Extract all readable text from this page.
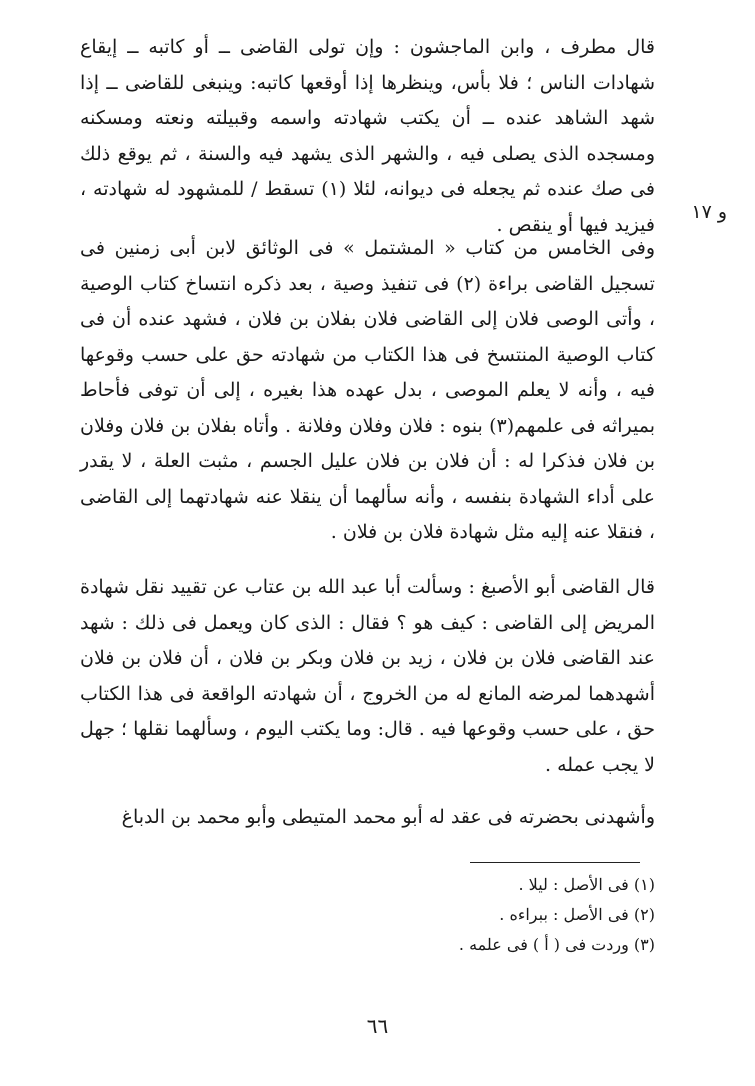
قال مطرف ، وابن الماجشون : وإن تولى القاضى ــ أو كاتبه ــ إيقاع شهادات الناس ؛ فلا بأس، وينظرها إذا أوقعها كاتبه: وينبغى للقاضى ــ إذا شهد الشاهد عنده ــ أن يكتب شهادته واسمه وقبيلته ونعته ومسكنه ومسجده الذى يصلى فيه ، والشهر الذى يشهد فيه والسنة ، ثم يوقع ذلك فى صك عنده ثم يجعله فى ديوانه، لئلا (١) تسقط / للمشهود له شهادته ، فيزيد فيها أو ينقص .

و ١٧

وفى الخامس من كتاب « المشتمل » فى الوثائق لابن أبى زمنين فى تسجيل القاضى براءة (٢) فى تنفيذ وصية ، بعد ذكره انتساخ كتاب الوصية ، وأتى الوصى فلان إلى القاضى فلان بفلان بن فلان ، فشهد عنده أن فى كتاب الوصية المنتسخ فى هذا الكتاب من شهادته حق على حسب وقوعها فيه ، وأنه لا يعلم الموصى ، بدل عهده هذا بغيره ، إلى أن توفى فأحاط بميراثه فى علمهم(٣) بنوه : فلان وفلان وفلانة . وأتاه بفلان بن فلان وفلان بن فلان فذكرا له : أن فلان بن فلان عليل الجسم ، مثبت العلة ، لا يقدر على أداء الشهادة بنفسه ، وأنه سألهما أن ينقلا عنه شهادتهما إلى القاضى ، فنقلا عنه إليه مثل شهادة فلان بن فلان .

قال القاضى أبو الأصبغ : وسألت أبا عبد الله بن عتاب عن تقييد نقل شهادة المريض إلى القاضى : كيف هو ؟ فقال : الذى كان ويعمل فى ذلك : شهد عند القاضى فلان بن فلان ، زيد بن فلان وبكر بن فلان ، أن فلان بن فلان أشهدهما لمرضه المانع له من الخروج ، أن شهادته الواقعة فى هذا الكتاب حق ، على حسب وقوعها فيه . قال: وما يكتب اليوم ، وسألهما نقلها ؛ جهل لا يجب عمله .

وأشهدنى بحضرته فى عقد له أبو محمد المتيطى وأبو محمد بن الدباغ

(١) فى الأصل : ليلا .
(٢) فى الأصل : ببراءه .
(٣) وردت فى ( أ ) فى علمه .
٦٦
